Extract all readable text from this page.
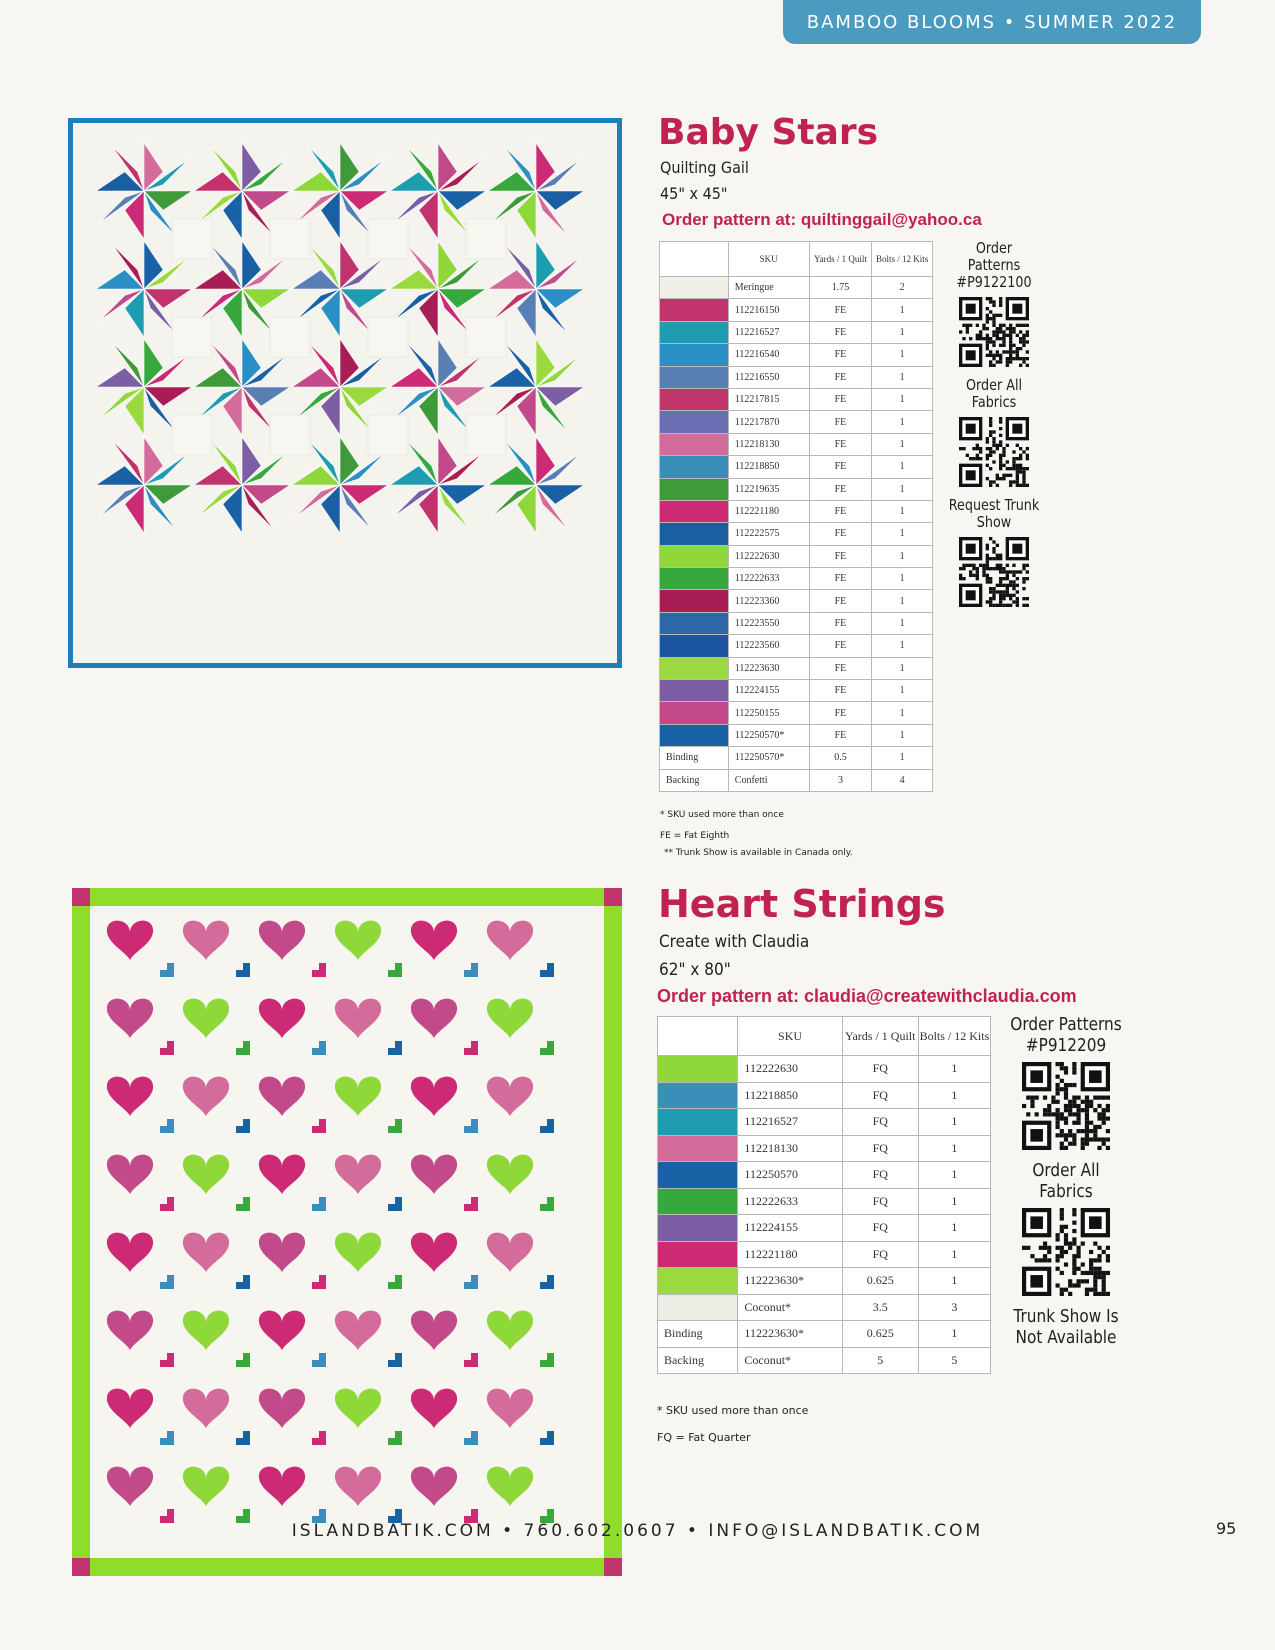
BAMBOO BLOOMS • SUMMER 2022
Baby Stars
Quilting Gail
45" x 45"
Order pattern at: quiltinggail@yahoo.ca
	SKU	Yards / 1 Quilt	Bolts / 12 Kits
	Meringue	1.75	2
	112216150	FE	1
	112216527	FE	1
	112216540	FE	1
	112216550	FE	1
	112217815	FE	1
	112217870	FE	1
	112218130	FE	1
	112218850	FE	1
	112219635	FE	1
	112221180	FE	1
	112222575	FE	1
	112222630	FE	1
	112222633	FE	1
	112223360	FE	1
	112223550	FE	1
	112223560	FE	1
	112223630	FE	1
	112224155	FE	1
	112250155	FE	1
	112250570*	FE	1
Binding	112250570*	0.5	1
Backing	Confetti	3	4
Order Patterns #P9122100
Order All Fabrics
Request Trunk Show
* SKU used more than once
FE = Fat Eighth
** Trunk Show is available in Canada only.
Heart Strings
Create with Claudia
62" x 80"
Order pattern at: claudia@createwithclaudia.com
	SKU	Yards / 1 Quilt	Bolts / 12 Kits
	112222630	FQ	1
	112218850	FQ	1
	112216527	FQ	1
	112218130	FQ	1
	112250570	FQ	1
	112222633	FQ	1
	112224155	FQ	1
	112221180	FQ	1
	112223630*	0.625	1
	Coconut*	3.5	3
Binding	112223630*	0.625	1
Backing	Coconut*	5	5
Order Patterns #P912209
Order All Fabrics
Trunk Show Is Not Available
* SKU used more than once
FQ = Fat Quarter
ISLANDBATIK.COM • 760.602.0607 • INFO@ISLANDBATIK.COM	95
